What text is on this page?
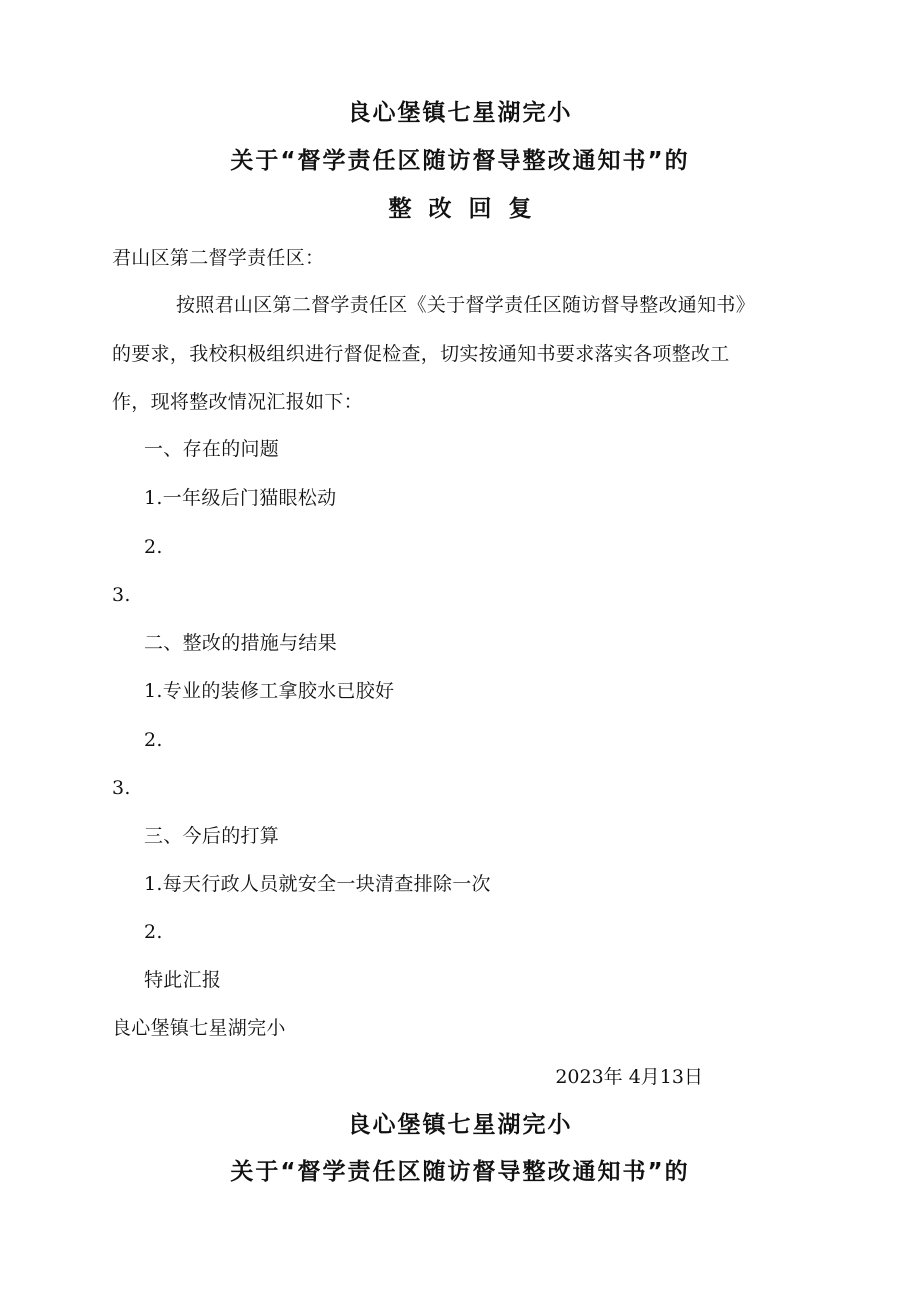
良心堡镇七星湖完小
关于“督学责任区随访督导整改通知书”的
整改回复
君山区第二督学责任区：
按照君山区第二督学责任区《关于督学责任区随访督导整改通知书》
的要求，我校积极组织进行督促检查，切实按通知书要求落实各项整改工
作，现将整改情况汇报如下：
一、存在的问题
1.一年级后门猫眼松动
2.
3.
二、整改的措施与结果
1.专业的装修工拿胶水已胶好
2.
3.
三、今后的打算
1.每天行政人员就安全一块清查排除一次
2.
特此汇报
良心堡镇七星湖完小
2023年 4月13日
良心堡镇七星湖完小
关于“督学责任区随访督导整改通知书”的
